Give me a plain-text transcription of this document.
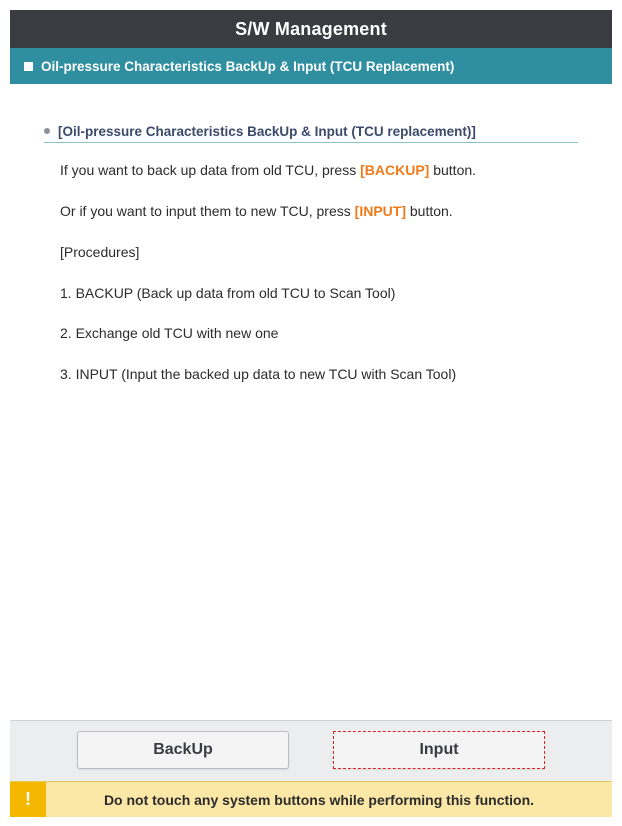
S/W Management
Oil-pressure Characteristics BackUp & Input (TCU Replacement)
[Oil-pressure Characteristics BackUp & Input (TCU replacement)]
If you want to back up data from old TCU, press [BACKUP] button.
Or if you want to input them to new TCU, press [INPUT] button.
[Procedures]
1. BACKUP (Back up data from old TCU to Scan Tool)
2. Exchange old TCU with new one
3. INPUT (Input the backed up data to new TCU with Scan Tool)
BackUp	Input
!	Do not touch any system buttons while performing this function.
